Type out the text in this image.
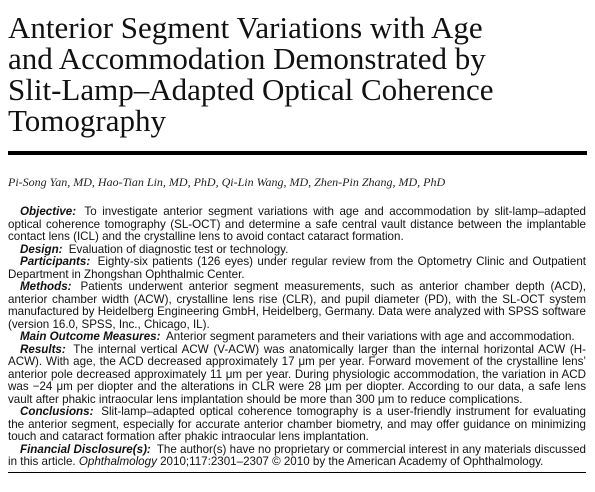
Anterior Segment Variations with Age and Accommodation Demonstrated by Slit-Lamp–Adapted Optical Coherence Tomography

Pi-Song Yan, MD, Hao-Tian Lin, MD, PhD, Qi-Lin Wang, MD, Zhen-Pin Zhang, MD, PhD

Objective: To investigate anterior segment variations with age and accommodation by slit-lamp–adapted optical coherence tomography (SL-OCT) and determine a safe central vault distance between the implantable contact lens (ICL) and the crystalline lens to avoid contact cataract formation.

Design: Evaluation of diagnostic test or technology.

Participants: Eighty-six patients (126 eyes) under regular review from the Optometry Clinic and Outpatient Department in Zhongshan Ophthalmic Center.

Methods: Patients underwent anterior segment measurements, such as anterior chamber depth (ACD), anterior chamber width (ACW), crystalline lens rise (CLR), and pupil diameter (PD), with the SL-OCT system manufactured by Heidelberg Engineering GmbH, Heidelberg, Germany. Data were analyzed with SPSS software (version 16.0, SPSS, Inc., Chicago, IL).

Main Outcome Measures: Anterior segment parameters and their variations with age and accommodation.

Results: The internal vertical ACW (V-ACW) was anatomically larger than the internal horizontal ACW (H-ACW). With age, the ACD decreased approximately 17 μm per year. Forward movement of the crystalline lens’ anterior pole decreased approximately 11 μm per year. During physiologic accommodation, the variation in ACD was −24 μm per diopter and the alterations in CLR were 28 μm per diopter. According to our data, a safe lens vault after phakic intraocular lens implantation should be more than 300 μm to reduce complications.

Conclusions: Slit-lamp–adapted optical coherence tomography is a user-friendly instrument for evaluating the anterior segment, especially for accurate anterior chamber biometry, and may offer guidance on minimizing touch and cataract formation after phakic intraocular lens implantation.

Financial Disclosure(s): The author(s) have no proprietary or commercial interest in any materials discussed in this article. Ophthalmology 2010;117:2301–2307 © 2010 by the American Academy of Ophthalmology.
